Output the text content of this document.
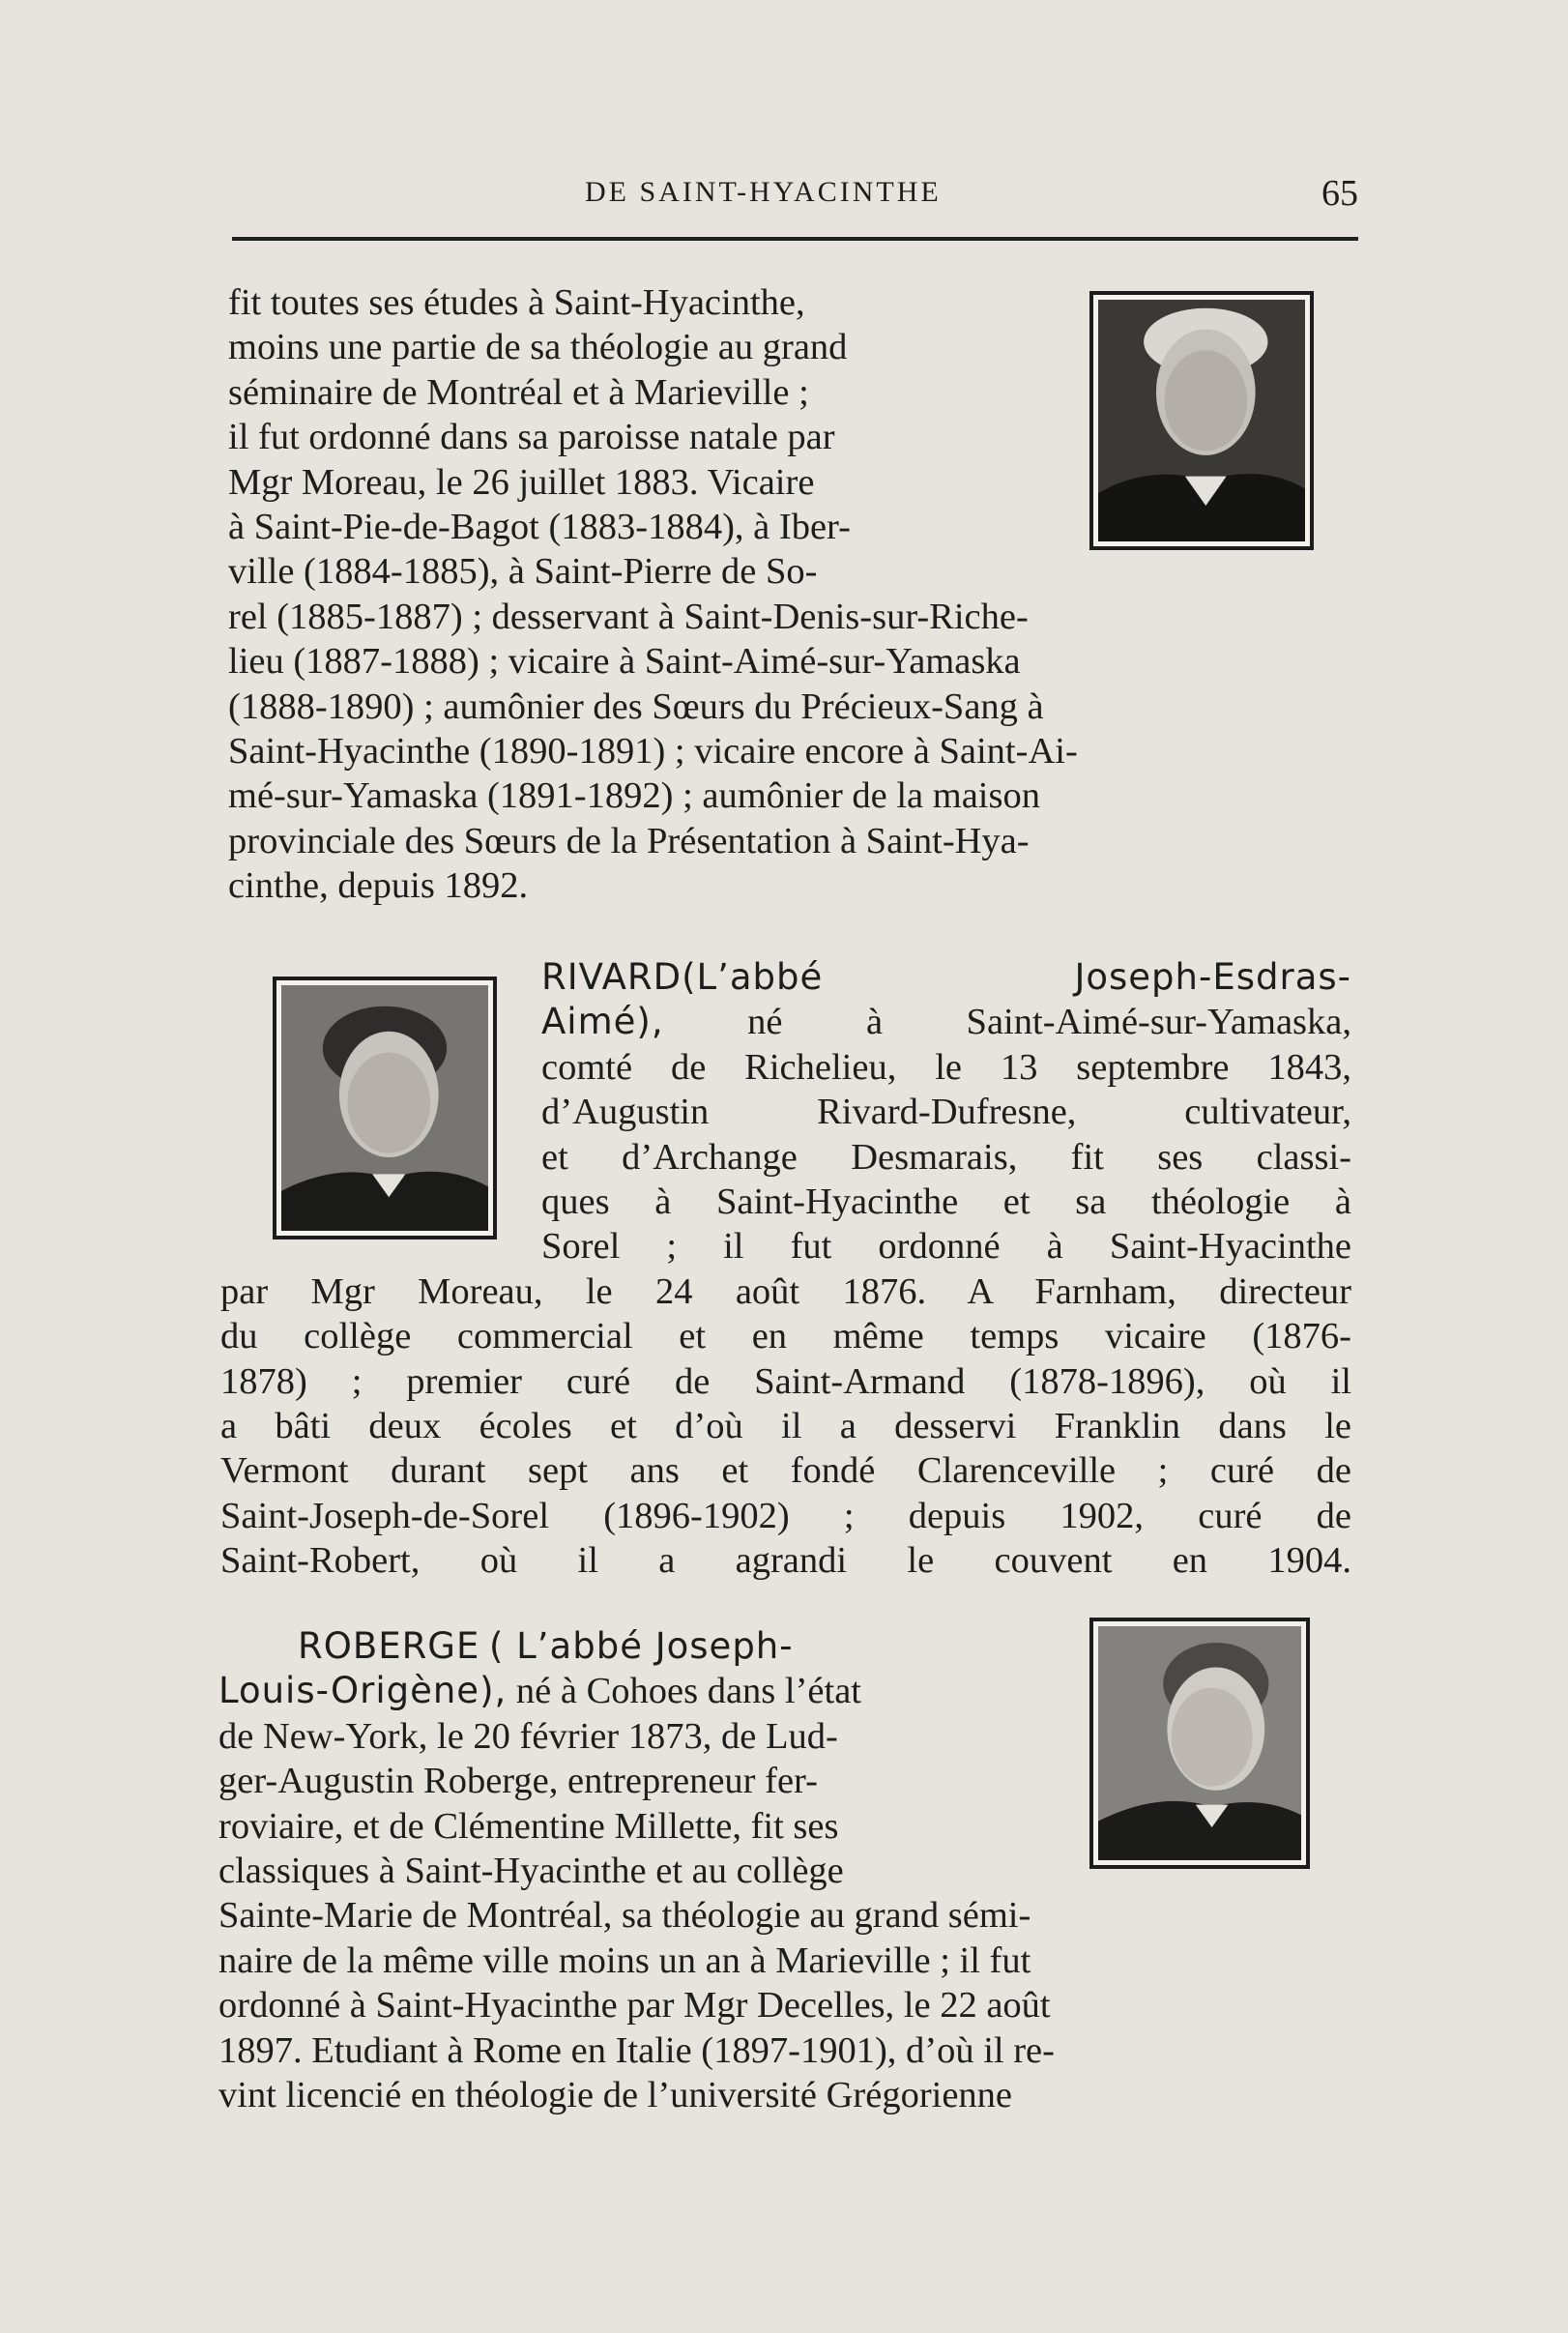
DE SAINT-HYACINTHE	65
fit toutes ses études à Saint-Hyacinthe,
moins une partie de sa théologie au grand
séminaire de Montréal et à Marieville ;
il fut ordonné dans sa paroisse natale par
Mgr Moreau, le 26 juillet 1883. Vicaire
à Saint-Pie-de-Bagot (1883-1884), à Iber-
ville (1884-1885), à Saint-Pierre de So-
rel (1885-1887) ; desservant à Saint-Denis-sur-Riche-
lieu (1887-1888) ; vicaire à Saint-Aimé-sur-Yamaska
(1888-1890) ; aumônier des Sœurs du Précieux-Sang à
Saint-Hyacinthe (1890-1891) ; vicaire encore à Saint-Ai-
mé-sur-Yamaska (1891-1892) ; aumônier de la maison
provinciale des Sœurs de la Présentation à Saint-Hya-
cinthe, depuis 1892.
RIVARD(L’abbé Joseph-Esdras-
Aimé), né à Saint-Aimé-sur-Yamaska,
comté de Richelieu, le 13 septembre 1843,
d’Augustin Rivard-Dufresne, cultivateur,
et d’Archange Desmarais, fit ses classi-
ques à Saint-Hyacinthe et sa théologie à
Sorel ; il fut ordonné à Saint-Hyacinthe
par Mgr Moreau, le 24 août 1876. A Farnham, directeur
du collège commercial et en même temps vicaire (1876-
1878) ; premier curé de Saint-Armand (1878-1896), où il
a bâti deux écoles et d’où il a desservi Franklin dans le
Vermont durant sept ans et fondé Clarenceville ; curé de
Saint-Joseph-de-Sorel (1896-1902) ; depuis 1902, curé de
Saint-Robert, où il a agrandi le couvent en 1904.
ROBERGE ( L’abbé Joseph-
Louis-Origène), né à Cohoes dans l’état
de New-York, le 20 février 1873, de Lud-
ger-Augustin Roberge, entrepreneur fer-
roviaire, et de Clémentine Millette, fit ses
classiques à Saint-Hyacinthe et au collège
Sainte-Marie de Montréal, sa théologie au grand sémi-
naire de la même ville moins un an à Marieville ; il fut
ordonné à Saint-Hyacinthe par Mgr Decelles, le 22 août
1897. Etudiant à Rome en Italie (1897-1901), d’où il re-
vint licencié en théologie de l’université Grégorienne
